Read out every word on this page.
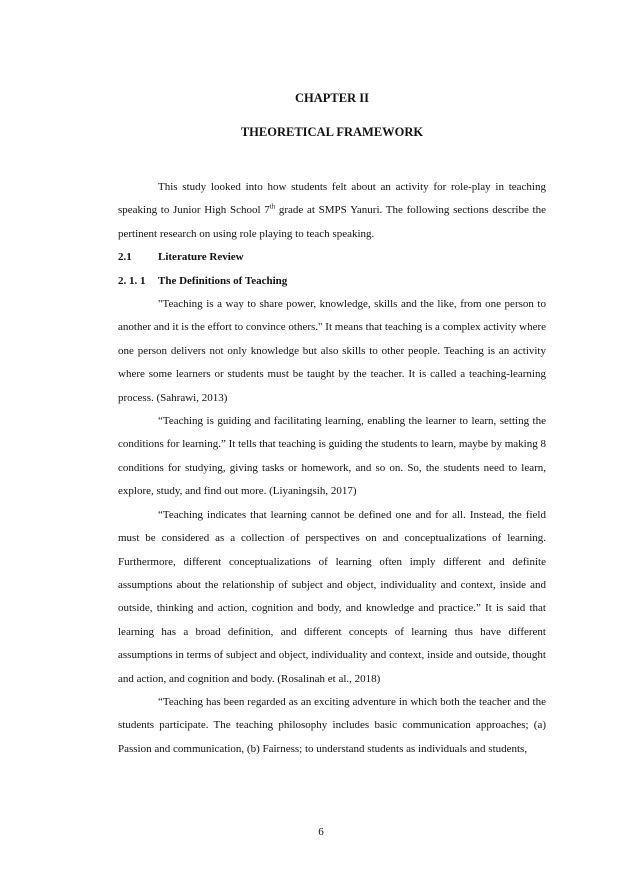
CHAPTER II
THEORETICAL FRAMEWORK

This study looked into how students felt about an activity for role-play in teaching speaking to Junior High School 7th grade at SMPS Yanuri. The following sections describe the pertinent research on using role playing to teach speaking.

2.1 Literature Review

2. 1. 1 The Definitions of Teaching

"Teaching is a way to share power, knowledge, skills and the like, from one person to another and it is the effort to convince others." It means that teaching is a complex activity where one person delivers not only knowledge but also skills to other people. Teaching is an activity where some learners or students must be taught by the teacher. It is called a teaching-learning process. (Sahrawi, 2013)

“Teaching is guiding and facilitating learning, enabling the learner to learn, setting the conditions for learning.” It tells that teaching is guiding the students to learn, maybe by making 8 conditions for studying, giving tasks or homework, and so on. So, the students need to learn, explore, study, and find out more. (Liyaningsih, 2017)

“Teaching indicates that learning cannot be defined one and for all. Instead, the field must be considered as a collection of perspectives on and conceptualizations of learning. Furthermore, different conceptualizations of learning often imply different and definite assumptions about the relationship of subject and object, individuality and context, inside and outside, thinking and action, cognition and body, and knowledge and practice.” It is said that learning has a broad definition, and different concepts of learning thus have different assumptions in terms of subject and object, individuality and context, inside and outside, thought and action, and cognition and body. (Rosalinah et al., 2018)

“Teaching has been regarded as an exciting adventure in which both the teacher and the students participate. The teaching philosophy includes basic communication approaches; (a) Passion and communication, (b) Fairness; to understand students as individuals and students,

6
